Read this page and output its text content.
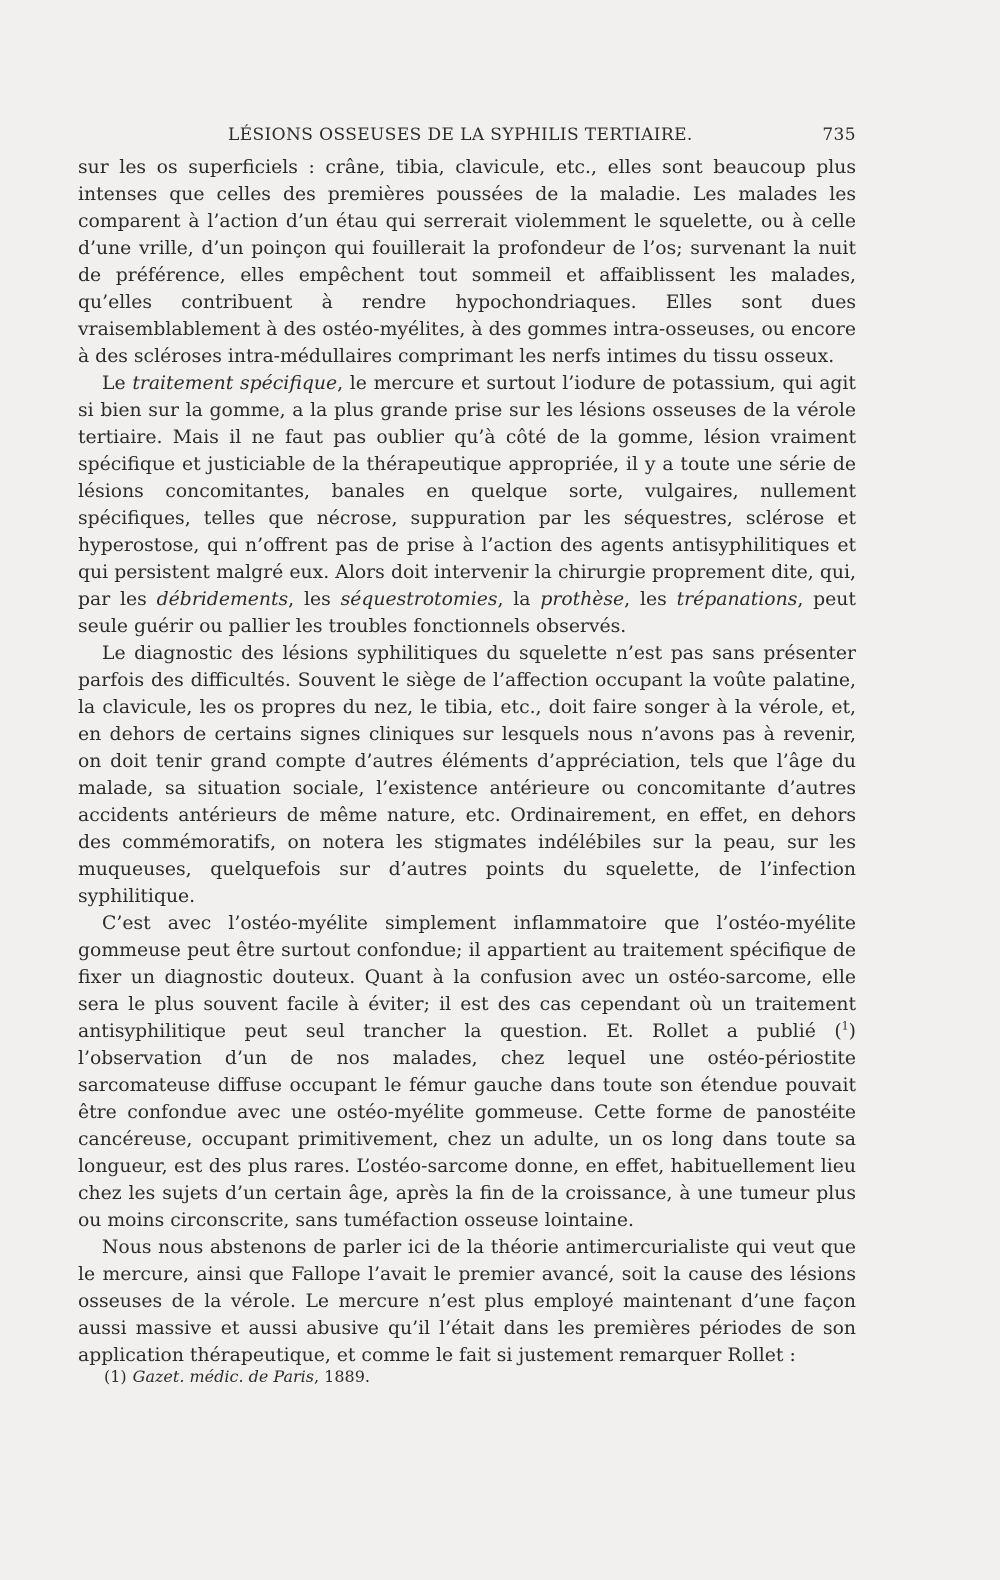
LÉSIONS OSSEUSES DE LA SYPHILIS TERTIAIRE.	735

sur les os superficiels : crâne, tibia, clavicule, etc., elles sont beaucoup plus intenses que celles des premières poussées de la maladie. Les malades les comparent à l’action d’un étau qui serrerait violemment le squelette, ou à celle d’une vrille, d’un poinçon qui fouillerait la profondeur de l’os; survenant la nuit de préférence, elles empêchent tout sommeil et affaiblissent les malades, qu’elles contribuent à rendre hypochondriaques. Elles sont dues vraisemblablement à des ostéo-myélites, à des gommes intra-osseuses, ou encore à des scléroses intra-médullaires comprimant les nerfs intimes du tissu osseux.

Le traitement spécifique, le mercure et surtout l’iodure de potassium, qui agit si bien sur la gomme, a la plus grande prise sur les lésions osseuses de la vérole tertiaire. Mais il ne faut pas oublier qu’à côté de la gomme, lésion vraiment spécifique et justiciable de la thérapeutique appropriée, il y a toute une série de lésions concomitantes, banales en quelque sorte, vulgaires, nullement spécifiques, telles que nécrose, suppuration par les séquestres, sclérose et hyperostose, qui n’offrent pas de prise à l’action des agents antisyphilitiques et qui persistent malgré eux. Alors doit intervenir la chirurgie proprement dite, qui, par les débridements, les séquestrotomies, la prothèse, les trépanations, peut seule guérir ou pallier les troubles fonctionnels observés.

Le diagnostic des lésions syphilitiques du squelette n’est pas sans présenter parfois des difficultés. Souvent le siège de l’affection occupant la voûte palatine, la clavicule, les os propres du nez, le tibia, etc., doit faire songer à la vérole, et, en dehors de certains signes cliniques sur lesquels nous n’avons pas à revenir, on doit tenir grand compte d’autres éléments d’appréciation, tels que l’âge du malade, sa situation sociale, l’existence antérieure ou concomitante d’autres accidents antérieurs de même nature, etc. Ordinairement, en effet, en dehors des commémoratifs, on notera les stigmates indélébiles sur la peau, sur les muqueuses, quelquefois sur d’autres points du squelette, de l’infection syphilitique.

C’est avec l’ostéo-myélite simplement inflammatoire que l’ostéo-myélite gommeuse peut être surtout confondue; il appartient au traitement spécifique de fixer un diagnostic douteux. Quant à la confusion avec un ostéo-sarcome, elle sera le plus souvent facile à éviter; il est des cas cependant où un traitement antisyphilitique peut seul trancher la question. Et. Rollet a publié ($^1$) l’observation d’un de nos malades, chez lequel une ostéo-périostite sarcomateuse diffuse occupant le fémur gauche dans toute son étendue pouvait être confondue avec une ostéo-myélite gommeuse. Cette forme de panostéite cancéreuse, occupant primitivement, chez un adulte, un os long dans toute sa longueur, est des plus rares. L’ostéo-sarcome donne, en effet, habituellement lieu chez les sujets d’un certain âge, après la fin de la croissance, à une tumeur plus ou moins circonscrite, sans tuméfaction osseuse lointaine.

Nous nous abstenons de parler ici de la théorie antimercurialiste qui veut que le mercure, ainsi que Fallope l’avait le premier avancé, soit la cause des lésions osseuses de la vérole. Le mercure n’est plus employé maintenant d’une façon aussi massive et aussi abusive qu’il l’était dans les premières périodes de son application thérapeutique, et comme le fait si justement remarquer Rollet :

(1) Gazet. médic. de Paris, 1889.
